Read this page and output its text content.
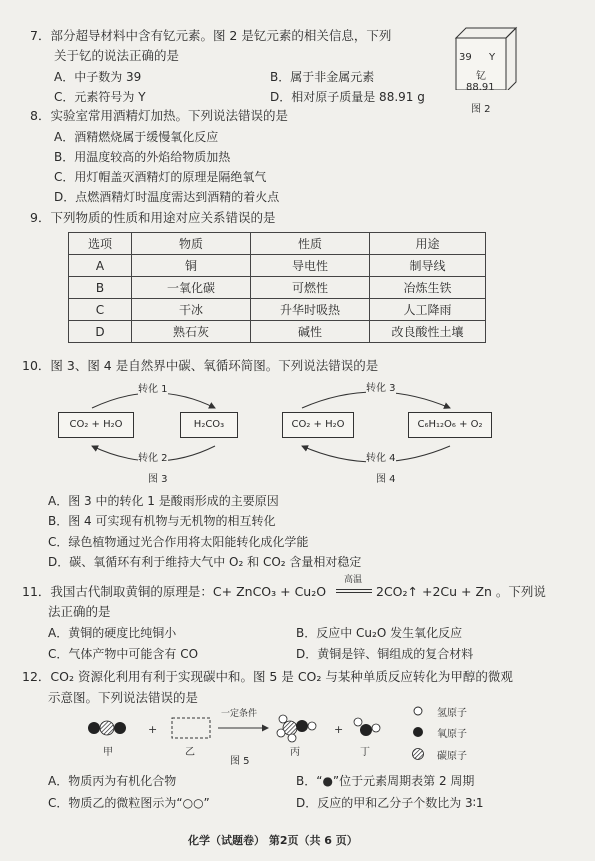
7．部分超导材料中含有钇元素。图 2 是钇元素的相关信息，下列
关于钇的说法正确的是
A．中子数为 39	B．属于非金属元素
C．元素符号为 Y	D．相对原子质量是 88.91 g
39 Y
钇
88.91
图 2
8．实验室常用酒精灯加热。下列说法错误的是
A．酒精燃烧属于缓慢氧化反应
B．用温度较高的外焰给物质加热
C．用灯帽盖灭酒精灯的原理是隔绝氧气
D．点燃酒精灯时温度需达到酒精的着火点
9．下列物质的性质和用途对应关系错误的是
选项	物质	性质	用途
A	铜	导电性	制导线
B	一氧化碳	可燃性	冶炼生铁
C	干冰	升华时吸热	人工降雨
D	熟石灰	碱性	改良酸性土壤
10．图 3、图 4 是自然界中碳、氧循环简图。下列说法错误的是
CO₂ + H₂O	H₂CO₃
转化 1
转化 2
图 3
CO₂ + H₂O	C₆H₁₂O₆ + O₂
转化 3
转化 4
图 4
A．图 3 中的转化 1 是酸雨形成的主要原因
B．图 4 可实现有机物与无机物的相互转化
C．绿色植物通过光合作用将太阳能转化成化学能
D．碳、氧循环有利于维持大气中 O₂ 和 CO₂ 含量相对稳定
11．我国古代制取黄铜的原理是：C+ ZnCO₃ + Cu₂O
高温
2CO₂↑ +2Cu + Zn 。下列说
法正确的是
A．黄铜的硬度比纯铜小	B．反应中 Cu₂O 发生氧化反应
C．气体产物中可能含有 CO	D．黄铜是锌、铜组成的复合材料
12．CO₂ 资源化利用有利于实现碳中和。图 5 是 CO₂ 与某种单质反应转化为甲醇的微观
示意图。下列说法错误的是
+	+
一定条件
甲	乙	丙	丁
图 5
氢原子
氧原子
碳原子
A．物质丙为有机化合物	B．“●”位于元素周期表第 2 周期
C．物质乙的微粒图示为“○○”	D．反应的甲和乙分子个数比为 3∶1
化学（试题卷） 第2页（共 6 页）
